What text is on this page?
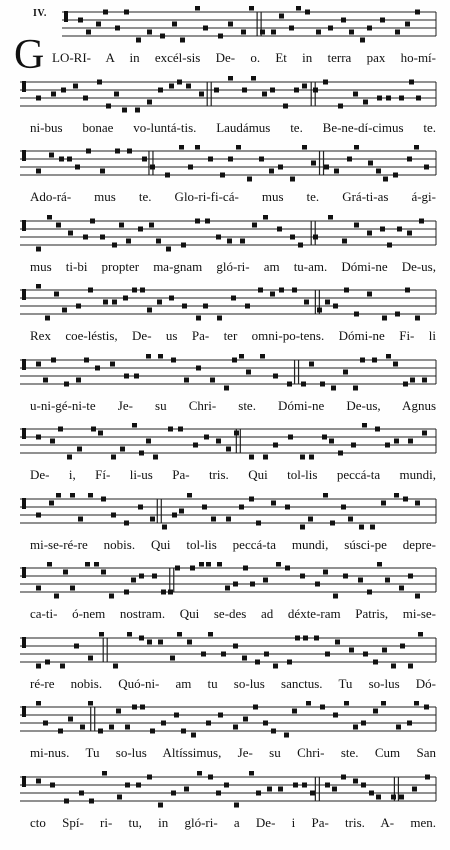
IV.
G LO-RI- A in excél-sis De- o. Et in terra pax ho-mí-

ni-bus bonae vo-luntá-tis. Laudámus te. Be-ne-dí-cimus te.

Ado-rá- mus te. Glo-ri-fi-cá- mus te. Grá-ti-as á-gi-

mus ti-bi propter ma-gnam gló-ri- am tu-am. Dómi-ne De-us,

Rex coe-léstis, De- us Pa- ter omni-po-tens. Dómi-ne Fi- li

u-ni-gé-ni-te Je- su Chri- ste. Dómi-ne De-us, Agnus

De- i, Fí- li-us Pa- tris. Qui tol-lis peccá-ta mundi,

mi-se-ré-re nobis. Qui tol-lis peccá-ta mundi, súsci-pe depre-

ca-ti- ó-nem nostram. Qui se-des ad déxte-ram Patris, mi-se-

ré-re nobis. Quó-ni- am tu so-lus sanctus. Tu so-lus Dó-

mi-nus. Tu so-lus Altíssimus, Je- su Chri- ste. Cum San

cto Spí- ri- tu, in gló-ri- a De- i Pa- tris. A- men.
